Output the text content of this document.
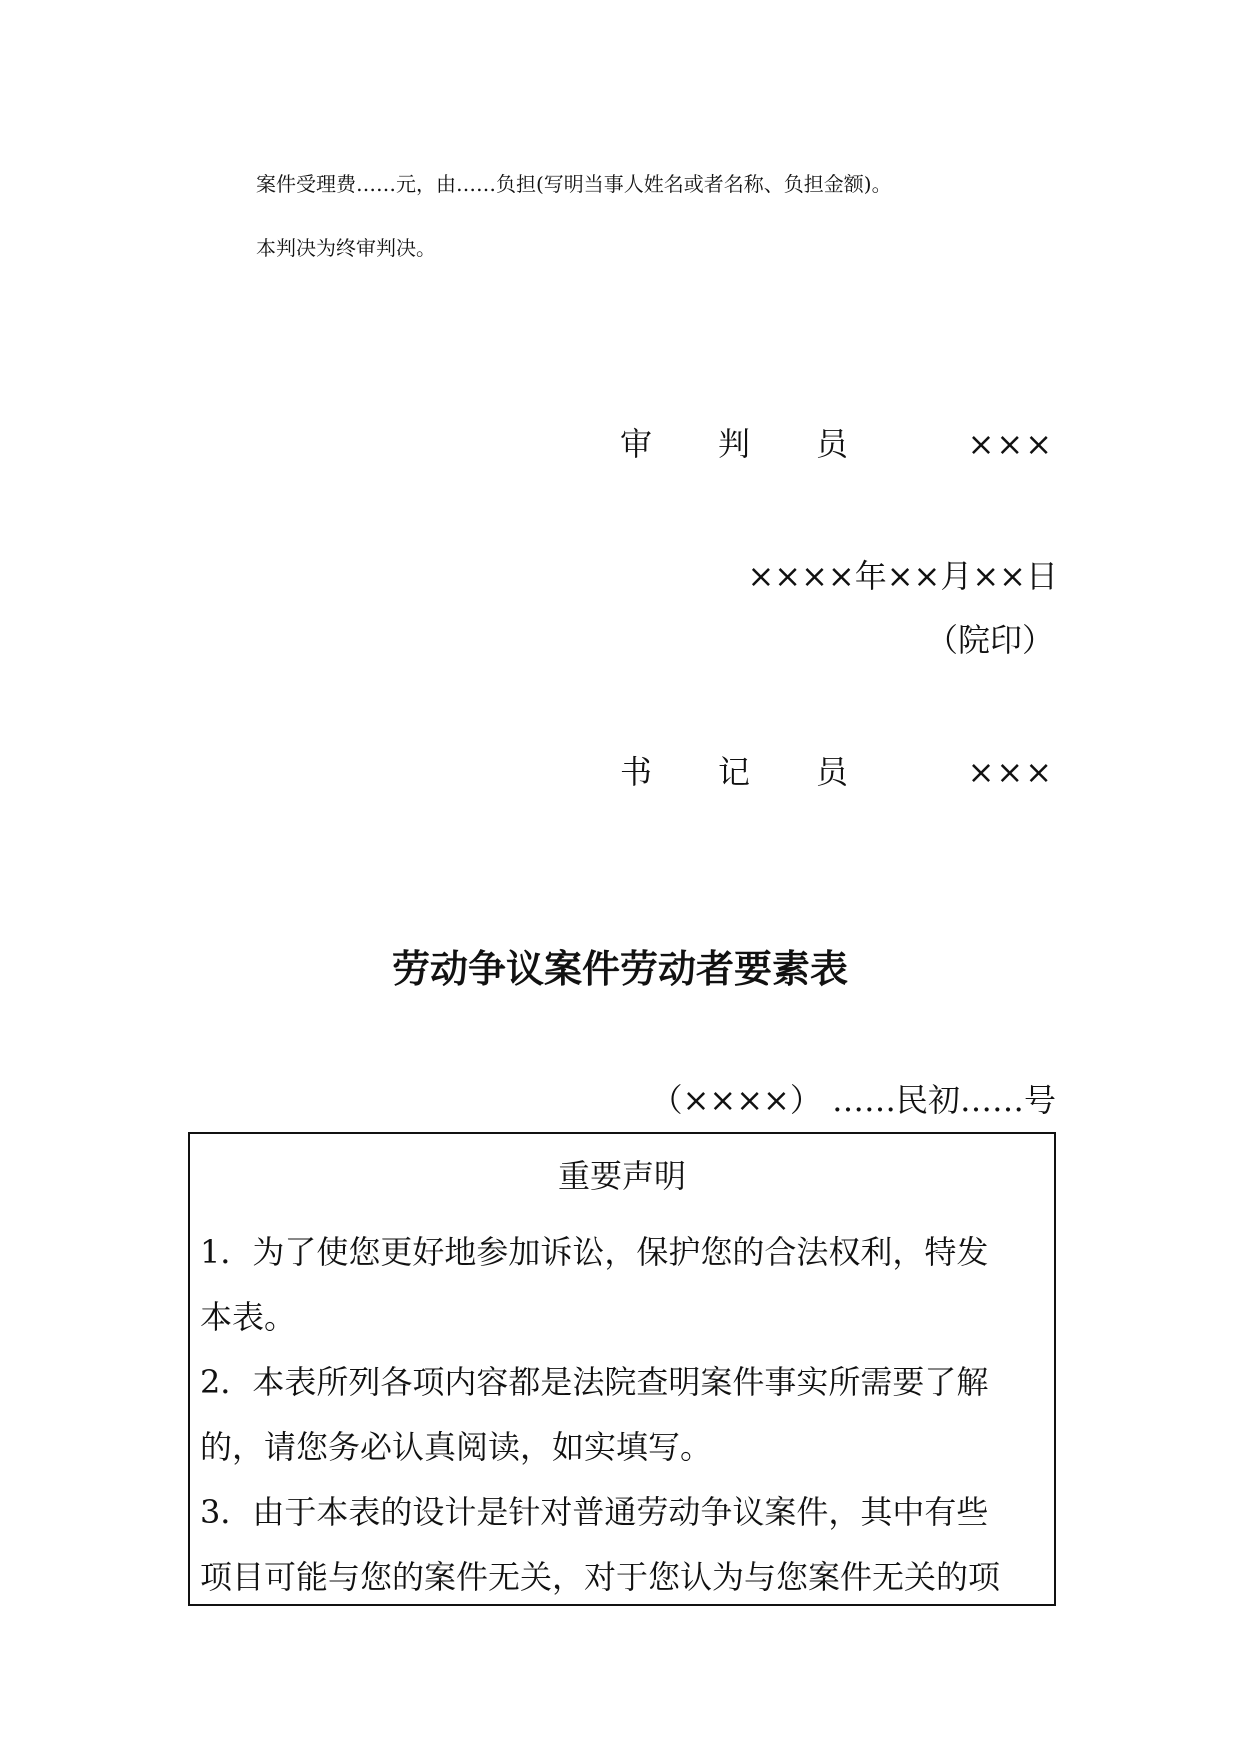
案件受理费……元，由……负担(写明当事人姓名或者名称、负担金额)。
本判决为终审判决。
审判员 ×××
××××年××月××日
（院印）
书记员 ×××
劳动争议案件劳动者要素表
（××××） ……民初……号
重要声明

1．为了使您更好地参加诉讼，保护您的合法权利，特发本表。

2．本表所列各项内容都是法院查明案件事实所需要了解的，请您务必认真阅读，如实填写。

3．由于本表的设计是针对普通劳动争议案件，其中有些项目可能与您的案件无关，对于您认为与您案件无关的项
